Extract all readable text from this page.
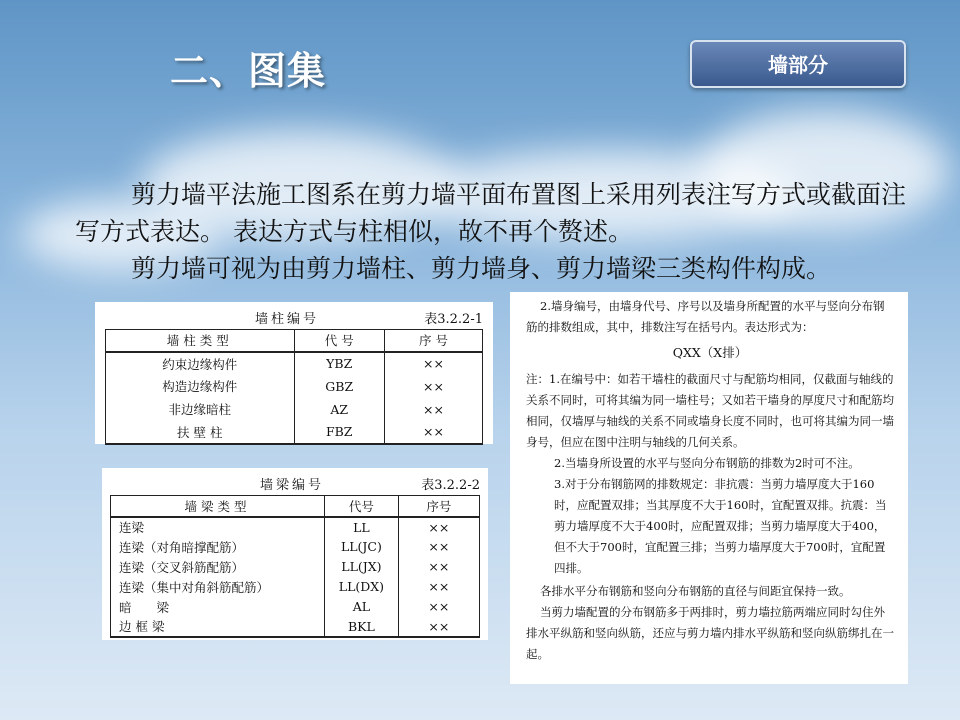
二、图集	墙部分

剪力墙平法施工图系在剪力墙平面布置图上采用列表注写方式或截面注写方式表达。 表达方式与柱相似，故不再个赘述。

剪力墙可视为由剪力墙柱、剪力墙身、剪力墙梁三类构件构成。

墙柱编号	表3.2.2-1
墙柱类型	代 号	序 号
约束边缘构件	YBZ	××
构造边缘构件	GBZ	××
非边缘暗柱	AZ	××
扶 壁 柱	FBZ	××
墙梁编号	表3.2.2-2
墙梁类型	代号	序号
连梁	LL	××
连梁（对角暗撑配筋）	LL(JC)	××
连梁（交叉斜筋配筋）	LL(JX)	××
连梁（集中对角斜筋配筋）	LL(DX)	××
暗　　梁	AL	××
边 框 梁	BKL	××

2.墙身编号，由墙身代号、序号以及墙身所配置的水平与竖向分布钢筋的排数组成，其中，排数注写在括号内。表达形式为：

QXX（X排）

注：1.在编号中：如若干墙柱的截面尺寸与配筋均相同，仅截面与轴线的关系不同时，可将其编为同一墙柱号；又如若干墙身的厚度尺寸和配筋均相同，仅墙厚与轴线的关系不同或墙身长度不同时，也可将其编为同一墙身号，但应在图中注明与轴线的几何关系。

2.当墙身所设置的水平与竖向分布钢筋的排数为2时可不注。

3.对于分布钢筋网的排数规定：非抗震：当剪力墙厚度大于160时，应配置双排；当其厚度不大于160时，宜配置双排。抗震：当剪力墙厚度不大于400时，应配置双排；当剪力墙厚度大于400，但不大于700时，宜配置三排；当剪力墙厚度大于700时，宜配置四排。

各排水平分布钢筋和竖向分布钢筋的直径与间距宜保持一致。

当剪力墙配置的分布钢筋多于两排时，剪力墙拉筋两端应同时勾住外排水平纵筋和竖向纵筋，还应与剪力墙内排水平纵筋和竖向纵筋绑扎在一起。
